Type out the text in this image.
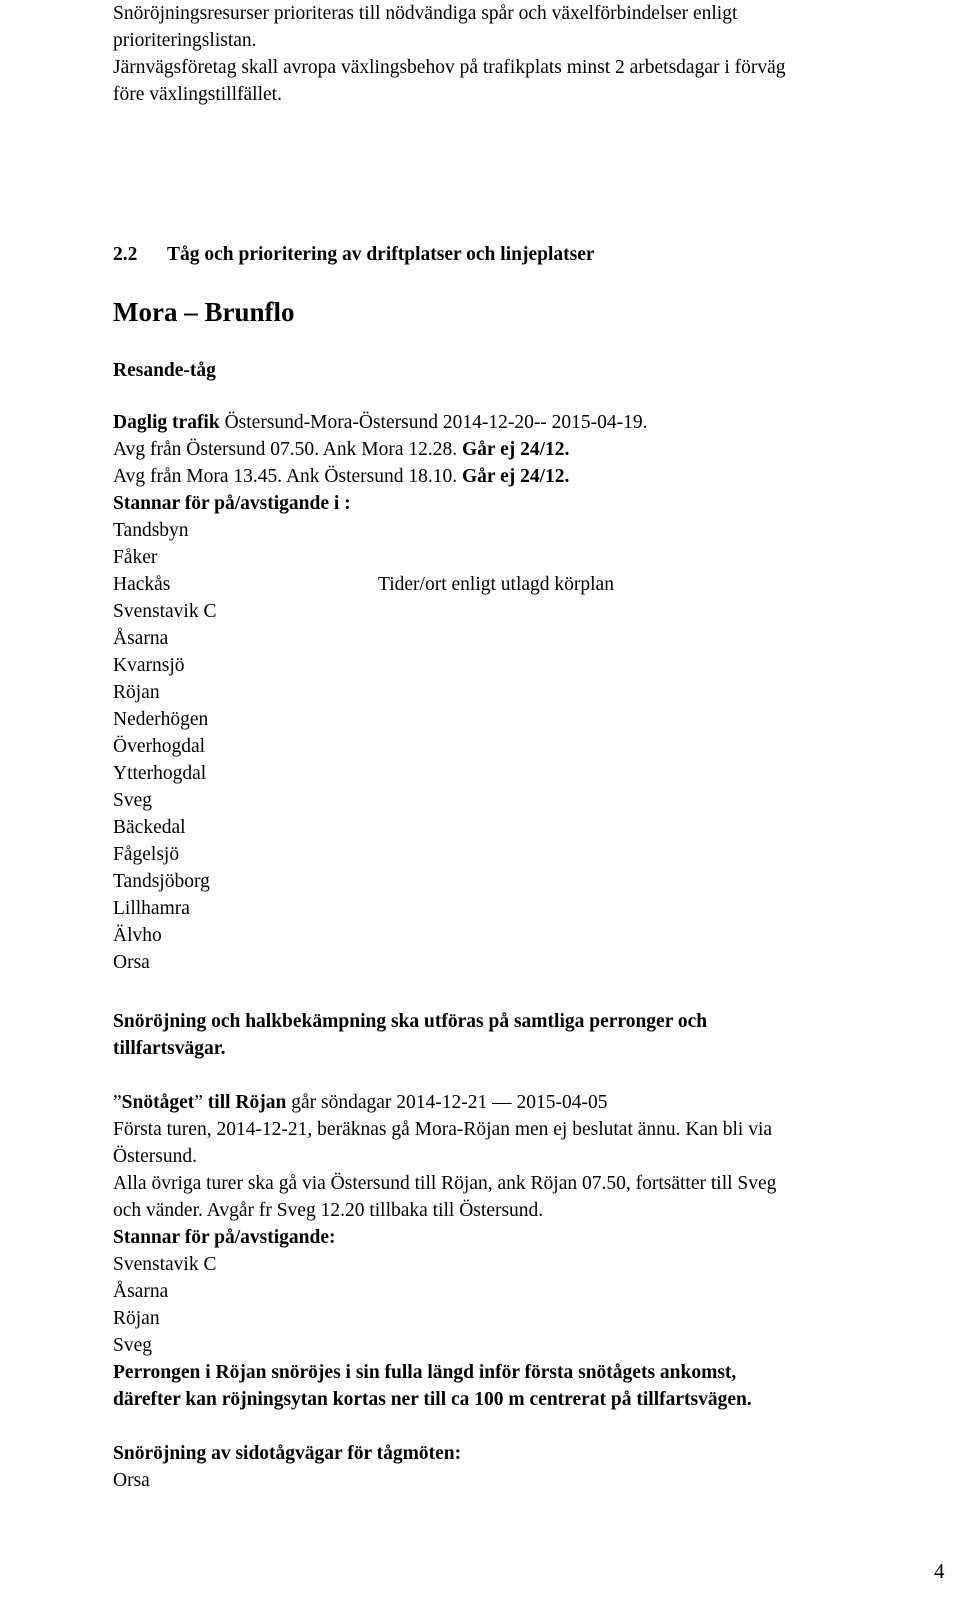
Snöröjningsresurser prioriteras till nödvändiga spår och växelförbindelser enligt
prioriteringslistan.
Järnvägsföretag skall avropa växlingsbehov på trafikplats minst 2 arbetsdagar i förväg
före växlingstillfället.
2.2 Tåg och prioritering av driftplatser och linjeplatser
Mora – Brunflo
Resande-tåg
Daglig trafik Östersund-Mora-Östersund 2014-12-20-- 2015-04-19.
Avg från Östersund 07.50. Ank Mora 12.28. Går ej 24/12.
Avg från Mora 13.45. Ank Östersund 18.10. Går ej 24/12.
Stannar för på/avstigande i :
Tandsbyn
Fåker
Hackås
Svenstavik C
Åsarna
Kvarnsjö
Röjan
Nederhögen
Överhogdal
Ytterhogdal
Sveg
Bäckedal
Fågelsjö
Tandsjöborg
Lillhamra
Älvho
Orsa
Tider/ort enligt utlagd körplan
Snöröjning och halkbekämpning ska utföras på samtliga perronger och
tillfartsvägar.
”Snötåget” till Röjan går söndagar 2014-12-21 — 2015-04-05
Första turen, 2014-12-21, beräknas gå Mora-Röjan men ej beslutat ännu. Kan bli via
Östersund.
Alla övriga turer ska gå via Östersund till Röjan, ank Röjan 07.50, fortsätter till Sveg
och vänder. Avgår fr Sveg 12.20 tillbaka till Östersund.
Stannar för på/avstigande:
Svenstavik C
Åsarna
Röjan
Sveg
Perrongen i Röjan snöröjes i sin fulla längd inför första snötågets ankomst,
därefter kan röjningsytan kortas ner till ca 100 m centrerat på tillfartsvägen.
Snöröjning av sidotågvägar för tågmöten:
Orsa
4
